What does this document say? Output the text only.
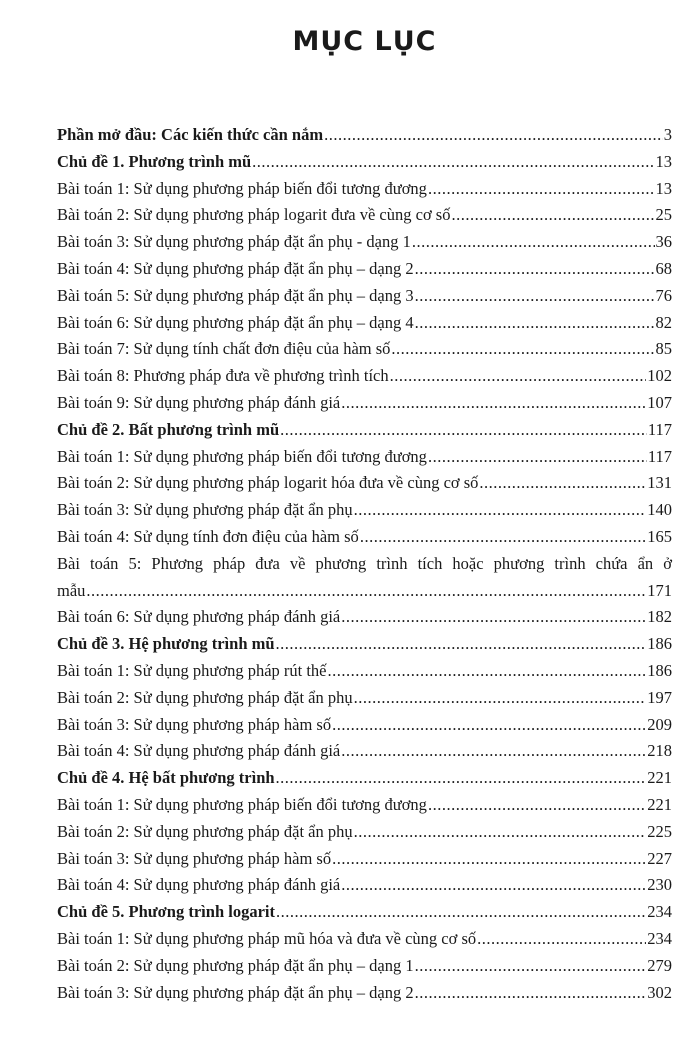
MỤC LỤC
Phần mở đầu: Các kiến thức cần nắm .....	3
Chủ đề 1. Phương trình mũ .....	13
Bài toán 1: Sử dụng phương pháp biến đổi tương đương .....	13
Bài toán 2: Sử dụng phương pháp logarit đưa về cùng cơ số .....	25
Bài toán 3: Sử dụng phương pháp đặt ẩn phụ - dạng 1 .....	36
Bài toán 4: Sử dụng phương pháp đặt ẩn phụ – dạng 2 .....	68
Bài toán 5: Sử dụng phương pháp đặt ẩn phụ – dạng 3 .....	76
Bài toán 6: Sử dụng phương pháp đặt ẩn phụ – dạng 4 .....	82
Bài toán 7: Sử dụng tính chất đơn điệu của hàm số .....	85
Bài toán 8: Phương pháp đưa về phương trình tích .....	102
Bài toán 9: Sử dụng phương pháp đánh giá .....	107
Chủ đề 2. Bất phương trình mũ .....	117
Bài toán 1: Sử dụng phương pháp biến đổi tương đương .....	117
Bài toán 2: Sử dụng phương pháp logarit hóa đưa về cùng cơ số .....	131
Bài toán 3: Sử dụng phương pháp đặt ẩn phụ .....	140
Bài toán 4: Sử dụng tính đơn điệu của hàm số .....	165
Bài toán 5: Phương pháp đưa về phương trình tích hoặc phương trình chứa ẩn ở
mẫu .....	171
Bài toán 6: Sử dụng phương pháp đánh giá .....	182
Chủ đề 3. Hệ phương trình mũ .....	186
Bài toán 1: Sử dụng phương pháp rút thế .....	186
Bài toán 2: Sử dụng phương pháp đặt ẩn phụ .....	197
Bài toán 3: Sử dụng phương pháp hàm số .....	209
Bài toán 4: Sử dụng phương pháp đánh giá .....	218
Chủ đề 4. Hệ bất phương trình .....	221
Bài toán 1: Sử dụng phương pháp biến đổi tương đương .....	221
Bài toán 2: Sử dụng phương pháp đặt ẩn phụ .....	225
Bài toán 3: Sử dụng phương pháp hàm số .....	227
Bài toán 4: Sử dụng phương pháp đánh giá .....	230
Chủ đề 5. Phương trình logarit .....	234
Bài toán 1: Sử dụng phương pháp mũ hóa và đưa về cùng cơ số .....	234
Bài toán 2: Sử dụng phương pháp đặt ẩn phụ – dạng 1 .....	279
Bài toán 3: Sử dụng phương pháp đặt ẩn phụ – dạng 2 .....	302
